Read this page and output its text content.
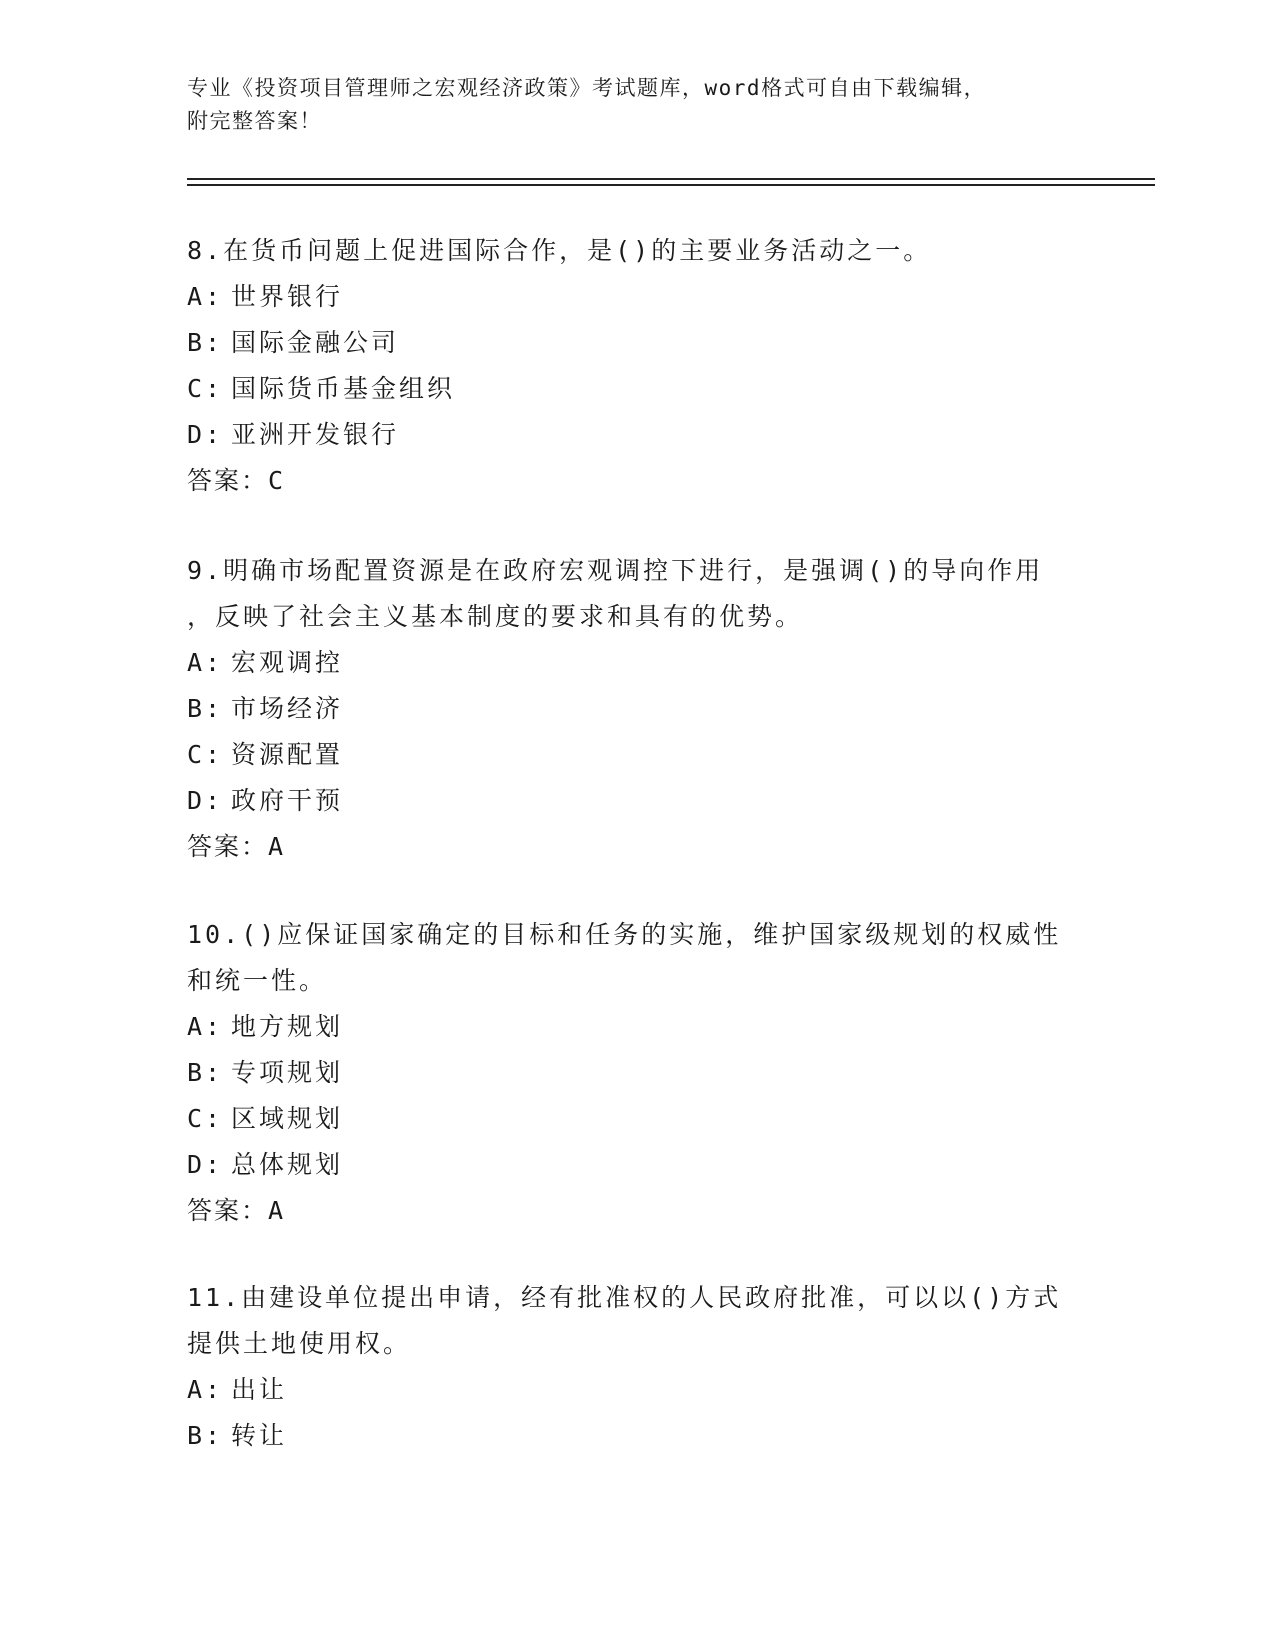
专业《投资项目管理师之宏观经济政策》考试题库，word格式可自由下载编辑，
附完整答案！

8.在货币问题上促进国际合作，是()的主要业务活动之一。

A: 世界银行

B: 国际金融公司

C: 国际货币基金组织

D: 亚洲开发银行

答案：C

9.明确市场配置资源是在政府宏观调控下进行，是强调()的导向作用

，反映了社会主义基本制度的要求和具有的优势。

A: 宏观调控

B: 市场经济

C: 资源配置

D: 政府干预

答案：A

10.()应保证国家确定的目标和任务的实施，维护国家级规划的权威性

和统一性。

A: 地方规划

B: 专项规划

C: 区域规划

D: 总体规划

答案：A

11.由建设单位提出申请，经有批准权的人民政府批准，可以以()方式

提供土地使用权。

A: 出让

B: 转让
